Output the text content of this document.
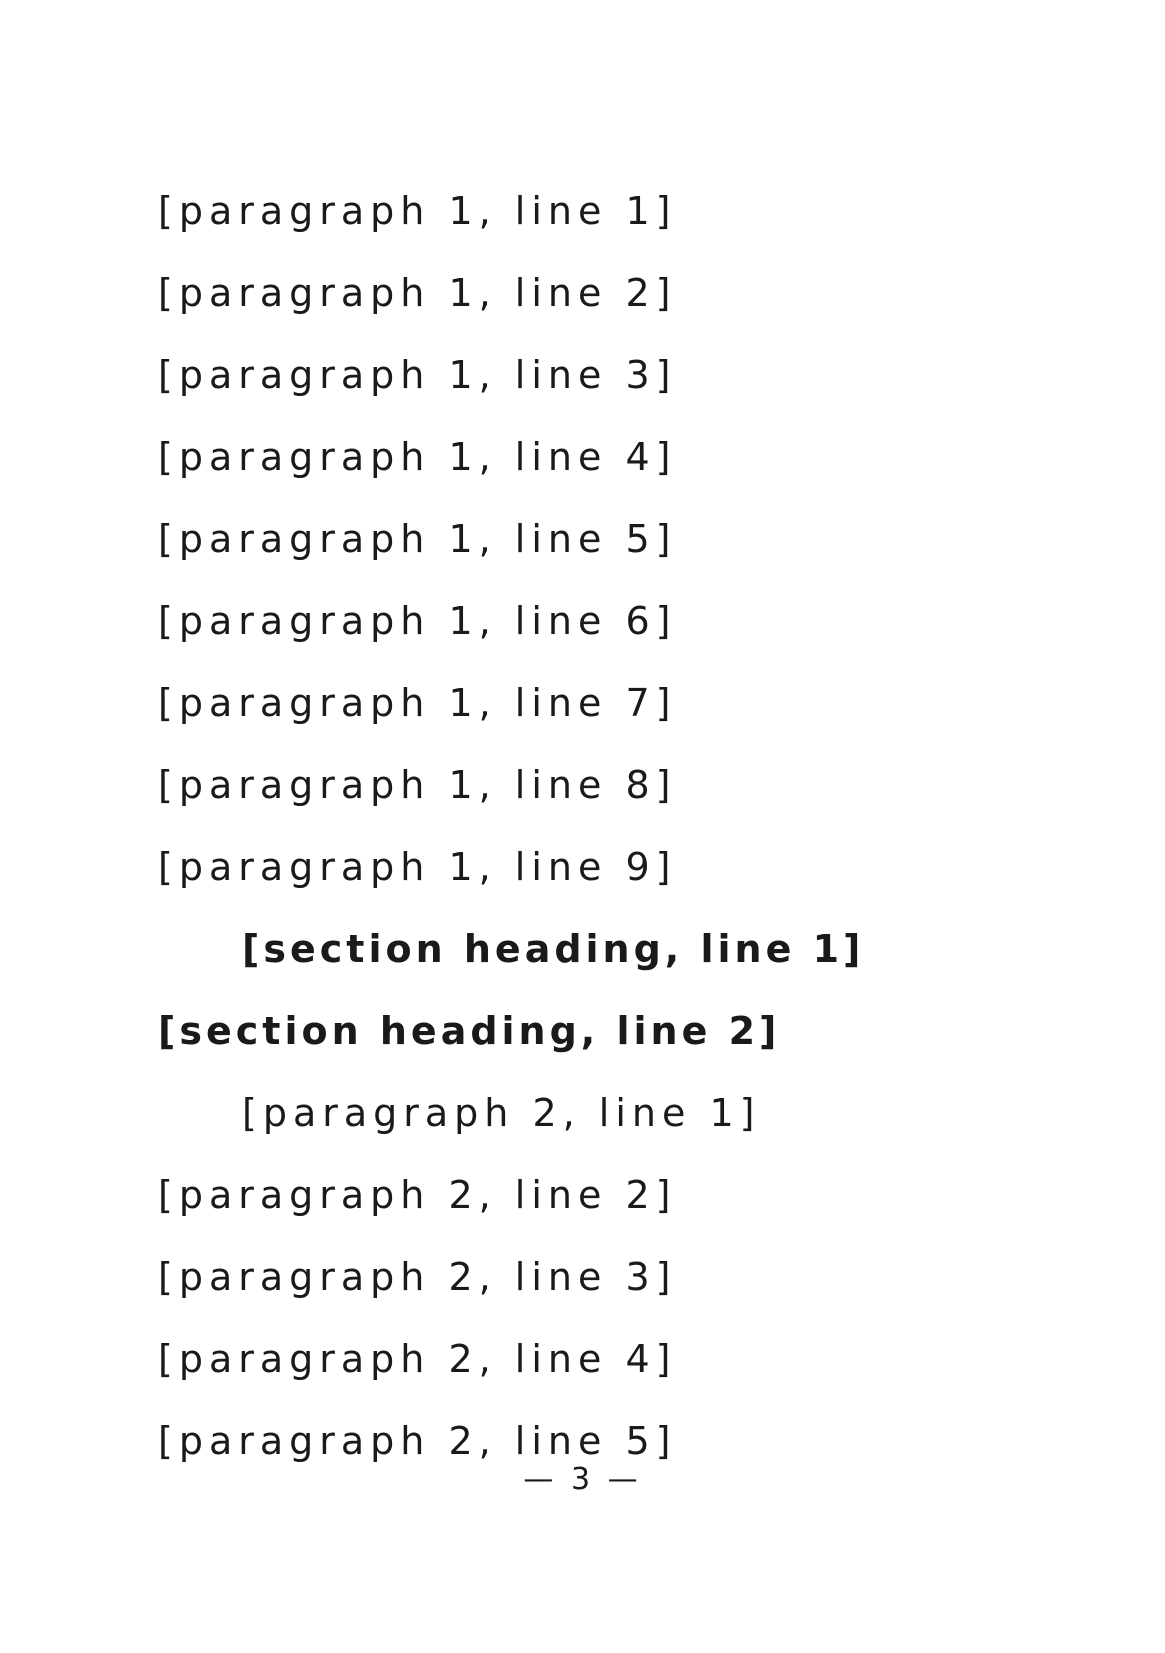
[paragraph 1, line 1]
[paragraph 1, line 2]
[paragraph 1, line 3]
[paragraph 1, line 4]
[paragraph 1, line 5]
[paragraph 1, line 6]
[paragraph 1, line 7]
[paragraph 1, line 8]
[paragraph 1, line 9]
[section heading, line 1]
[section heading, line 2]
[paragraph 2, line 1]
[paragraph 2, line 2]
[paragraph 2, line 3]
[paragraph 2, line 4]
[paragraph 2, line 5]
— 3 —
